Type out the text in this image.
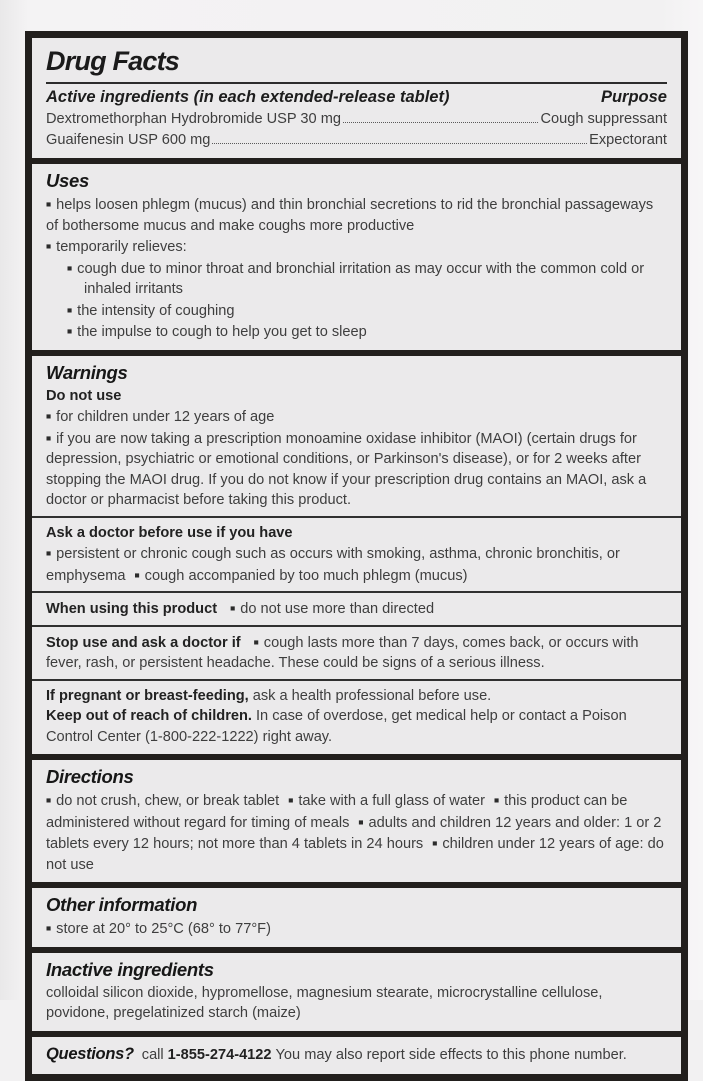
Drug Facts
Active ingredients (in each extended-release tablet)	Purpose
Dextromethorphan Hydrobromide USP 30 mg	Cough suppressant
Guaifenesin USP 600 mg	Expectorant
Uses

■ helps loosen phlegm (mucus) and thin bronchial secretions to rid the bronchial passageways of bothersome mucus and make coughs more productive

■ temporarily relieves:

■ cough due to minor throat and bronchial irritation as may occur with the common cold or inhaled irritants

■ the intensity of coughing

■ the impulse to cough to help you get to sleep

Warnings

Do not use

■ for children under 12 years of age

■ if you are now taking a prescription monoamine oxidase inhibitor (MAOI) (certain drugs for depression, psychiatric or emotional conditions, or Parkinson's disease), or for 2 weeks after stopping the MAOI drug. If you do not know if your prescription drug contains an MAOI, ask a doctor or pharmacist before taking this product.

Ask a doctor before use if you have

■ persistent or chronic cough such as occurs with smoking, asthma, chronic bronchitis, or emphysema ■ cough accompanied by too much phlegm (mucus)

When using this product ■ do not use more than directed

Stop use and ask a doctor if ■ cough lasts more than 7 days, comes back, or occurs with fever, rash, or persistent headache. These could be signs of a serious illness.

If pregnant or breast-feeding, ask a health professional before use.

Keep out of reach of children. In case of overdose, get medical help or contact a Poison Control Center (1-800-222-1222) right away.

Directions

■ do not crush, chew, or break tablet ■ take with a full glass of water ■ this product can be administered without regard for timing of meals ■ adults and children 12 years and older: 1 or 2 tablets every 12 hours; not more than 4 tablets in 24 hours ■ children under 12 years of age: do not use

Other information

■ store at 20° to 25°C (68° to 77°F)

Inactive ingredients

colloidal silicon dioxide, hypromellose, magnesium stearate, microcrystalline cellulose, povidone, pregelatinized starch (maize)

Questions? call 1-855-274-4122 You may also report side effects to this phone number.
